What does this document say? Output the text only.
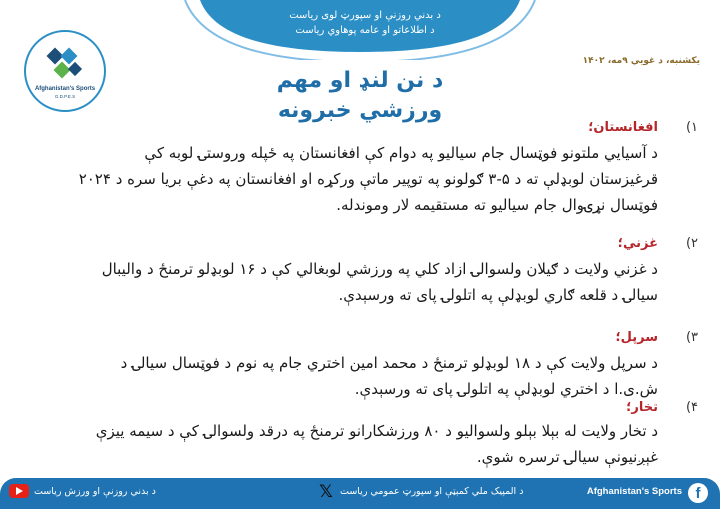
د بدني روزنې او سپورټ لوی ریاست
د اطلاعاتو او عامه پوهاوي ریاست
Afghanistan's Sports
G.D.P.E.S
یکشنبه، د غویي ۹مه، ۱۴۰۲
د نن لنډ او مهم
ورزشي خبرونه
۱)
افغانستان؛
د آسیايي ملتونو فوټسال جام سیالیو په دوام کې افغانستان په ځپله وروستۍ لوبه کې
قرغیزستان لوبډلې ته د ۵-۳ ګولونو په توپیر ماتې ورکړه او افغانستان په دغې بریا سره د ۲۰۲۴
فوټسال نړۍوال جام سیالیو ته مستقیمه لار وموندله.
۲)
غزني؛
د غزني ولایت د ګیلان ولسوالۍ ازاد کلي په ورزشي لوبغالي کې د ۱۶ لوبډلو ترمنځ د والیبال
سیالۍ د قلعه ګاري لوبډلې په اتلولۍ پای ته ورسېدې.
۳)
سرپل؛
د سرپل ولایت کې د ۱۸ لوبډلو ترمنځ د محمد امین اختري جام په نوم د فوټسال سیالۍ د
ش.ی.ا د اختري لوبډلې په اتلولۍ پای ته ورسېدې.
۴)
تخار؛
د تخار ولایت له بېلا بېلو ولسوالیو د ۸۰ ورزشکارانو ترمنځ په درقد ولسوالۍ کې د سیمه ییزې
غېږنیونې سیالۍ ترسره شوې.
د بدني روزنې او ورزش ریاست	𝕏 د المپیک ملي کمېټې او سپورټ عمومي ریاست	Afghanistan's Sports f
